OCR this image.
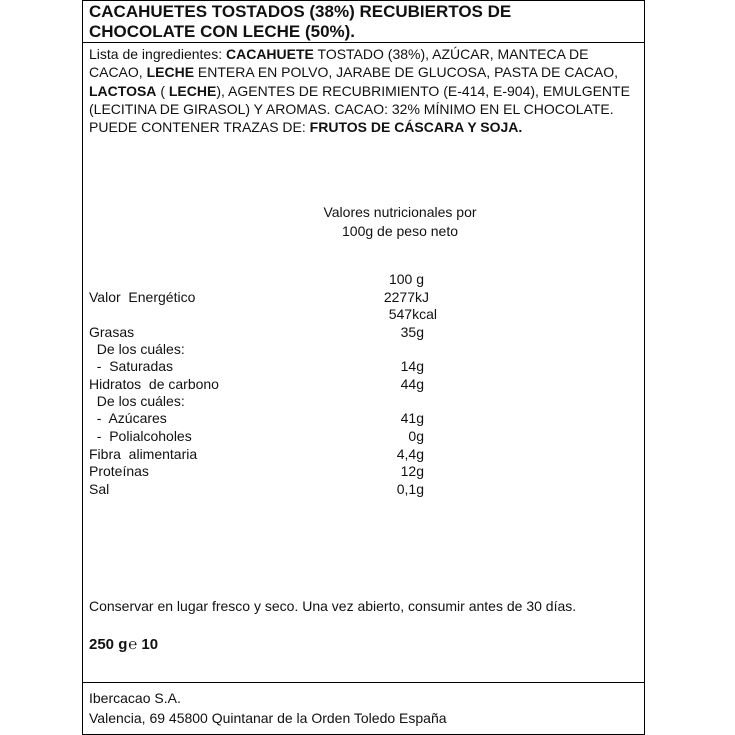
CACAHUETES TOSTADOS (38%) RECUBIERTOS DE
CHOCOLATE CON LECHE (50%).
Lista de ingredientes: CACAHUETE TOSTADO (38%), AZÚCAR, MANTECA DE CACAO, LECHE ENTERA EN POLVO, JARABE DE GLUCOSA, PASTA DE CACAO, LACTOSA ( LECHE), AGENTES DE RECUBRIMIENTO (E-414, E-904), EMULGENTE (LECITINA DE GIRASOL) Y AROMAS. CACAO: 32% MÍNIMO EN EL CHOCOLATE. PUEDE CONTENER TRAZAS DE: FRUTOS DE CÁSCARA Y SOJA.
Valores nutricionales por
100g de peso neto
100 g
Valor  Energético	2277kJ
547kcal
Grasas	35g
De los cuáles:
-  Saturadas	14g
Hidratos  de carbono	44g
De los cuáles:
-  Azúcares	41g
-  Polialcoholes	0g
Fibra  alimentaria	4,4g
Proteínas	12g
Sal	0,1g
Conservar en lugar fresco y seco. Una vez abierto, consumir antes de 30 días.
250 g℮ 10
Ibercacao S.A.
Valencia, 69 45800 Quintanar de la Orden Toledo España
